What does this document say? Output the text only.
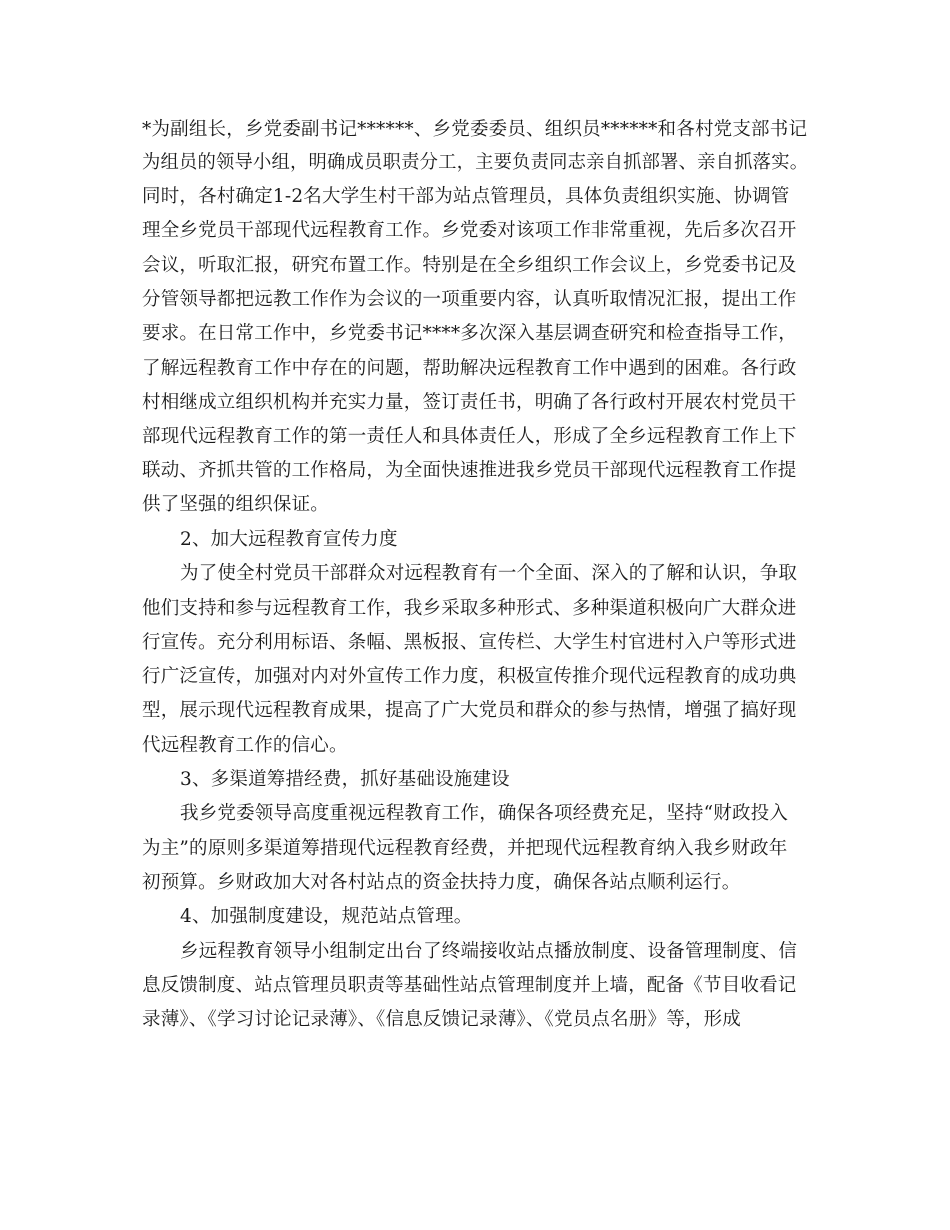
*为副组长，乡党委副书记******、乡党委委员、组织员******和各村党支部书记
为组员的领导小组，明确成员职责分工，主要负责同志亲自抓部署、亲自抓落实。
同时，各村确定1-2名大学生村干部为站点管理员，具体负责组织实施、协调管
理全乡党员干部现代远程教育工作。乡党委对该项工作非常重视，先后多次召开
会议，听取汇报，研究布置工作。特别是在全乡组织工作会议上，乡党委书记及
分管领导都把远教工作作为会议的一项重要内容，认真听取情况汇报，提出工作
要求。在日常工作中，乡党委书记****多次深入基层调查研究和检查指导工作，
了解远程教育工作中存在的问题，帮助解决远程教育工作中遇到的困难。各行政
村相继成立组织机构并充实力量，签订责任书，明确了各行政村开展农村党员干
部现代远程教育工作的第一责任人和具体责任人，形成了全乡远程教育工作上下
联动、齐抓共管的工作格局，为全面快速推进我乡党员干部现代远程教育工作提
供了坚强的组织保证。
2、加大远程教育宣传力度
为了使全村党员干部群众对远程教育有一个全面、深入的了解和认识，争取
他们支持和参与远程教育工作，我乡采取多种形式、多种渠道积极向广大群众进
行宣传。充分利用标语、条幅、黑板报、宣传栏、大学生村官进村入户等形式进
行广泛宣传，加强对内对外宣传工作力度，积极宣传推介现代远程教育的成功典
型，展示现代远程教育成果，提高了广大党员和群众的参与热情，增强了搞好现
代远程教育工作的信心。
3、多渠道筹措经费，抓好基础设施建设
我乡党委领导高度重视远程教育工作，确保各项经费充足，坚持“财政投入
为主”的原则多渠道筹措现代远程教育经费，并把现代远程教育纳入我乡财政年
初预算。乡财政加大对各村站点的资金扶持力度，确保各站点顺利运行。
4、加强制度建设，规范站点管理。
乡远程教育领导小组制定出台了终端接收站点播放制度、设备管理制度、信
息反馈制度、站点管理员职责等基础性站点管理制度并上墙，配备《节目收看记
录薄》、《学习讨论记录薄》、《信息反馈记录薄》、《党员点名册》等，形成
